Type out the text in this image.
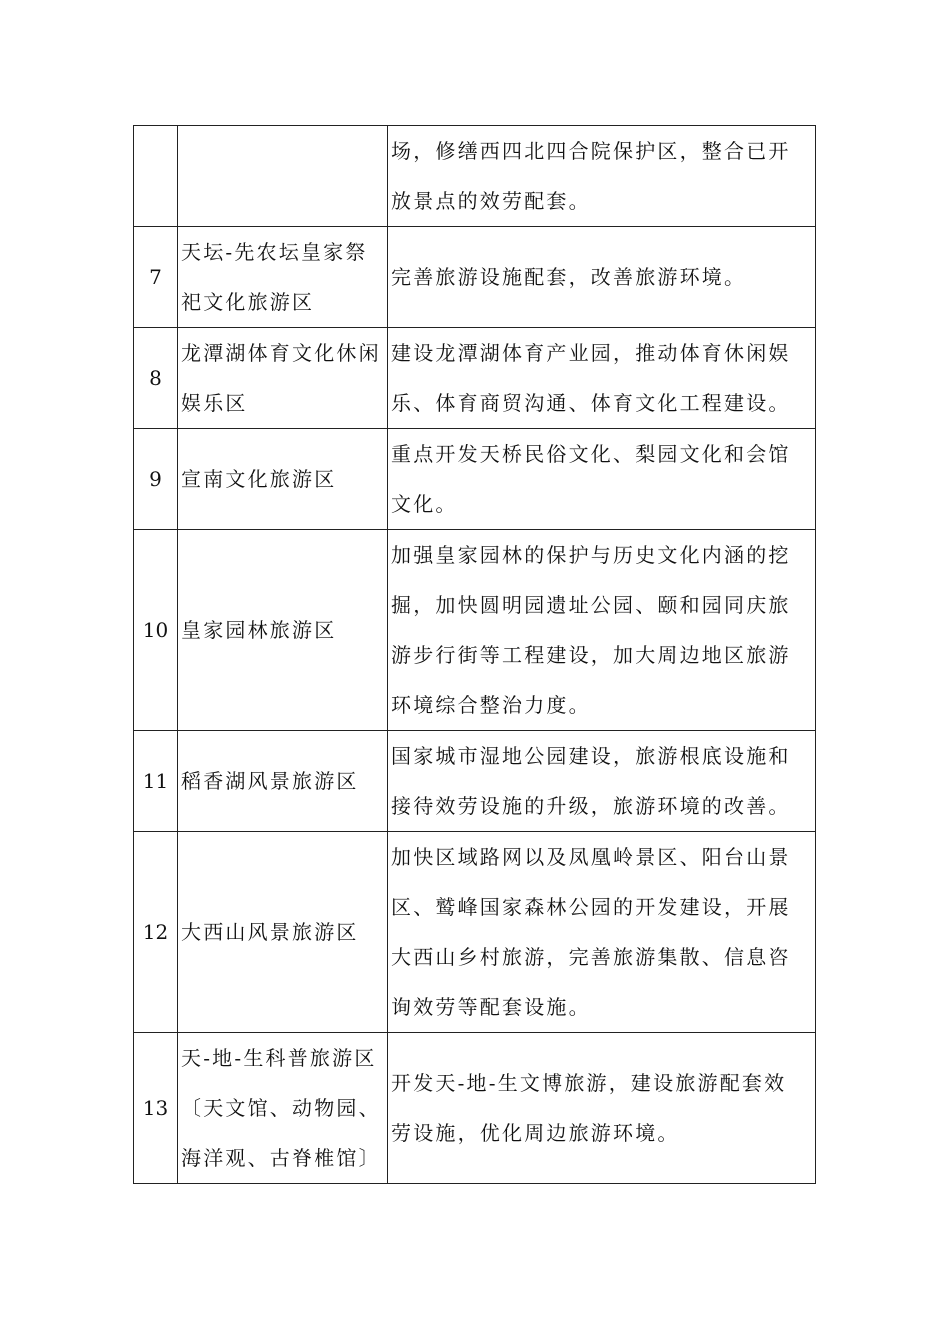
		场，修缮西四北四合院保护区，整合已开
放景点的效劳配套。

7	天坛-先农坛皇家祭
祀文化旅游区	完善旅游设施配套，改善旅游环境。

8	龙潭湖体育文化休闲
娱乐区	建设龙潭湖体育产业园，推动体育休闲娱
乐、体育商贸沟通、体育文化工程建设。

9	宣南文化旅游区	重点开发天桥民俗文化、梨园文化和会馆
文化。

10	皇家园林旅游区	加强皇家园林的保护与历史文化内涵的挖
掘，加快圆明园遗址公园、颐和园同庆旅
游步行街等工程建设，加大周边地区旅游
环境综合整治力度。

11	稻香湖风景旅游区	国家城市湿地公园建设，旅游根底设施和
接待效劳设施的升级，旅游环境的改善。

12	大西山风景旅游区	加快区域路网以及凤凰岭景区、阳台山景
区、鹫峰国家森林公园的开发建设，开展
大西山乡村旅游，完善旅游集散、信息咨
询效劳等配套设施。

13	天-地-生科普旅游区
〔天文馆、动物园、
海洋观、古脊椎馆〕	开发天-地-生文博旅游，建设旅游配套效
劳设施，优化周边旅游环境。
